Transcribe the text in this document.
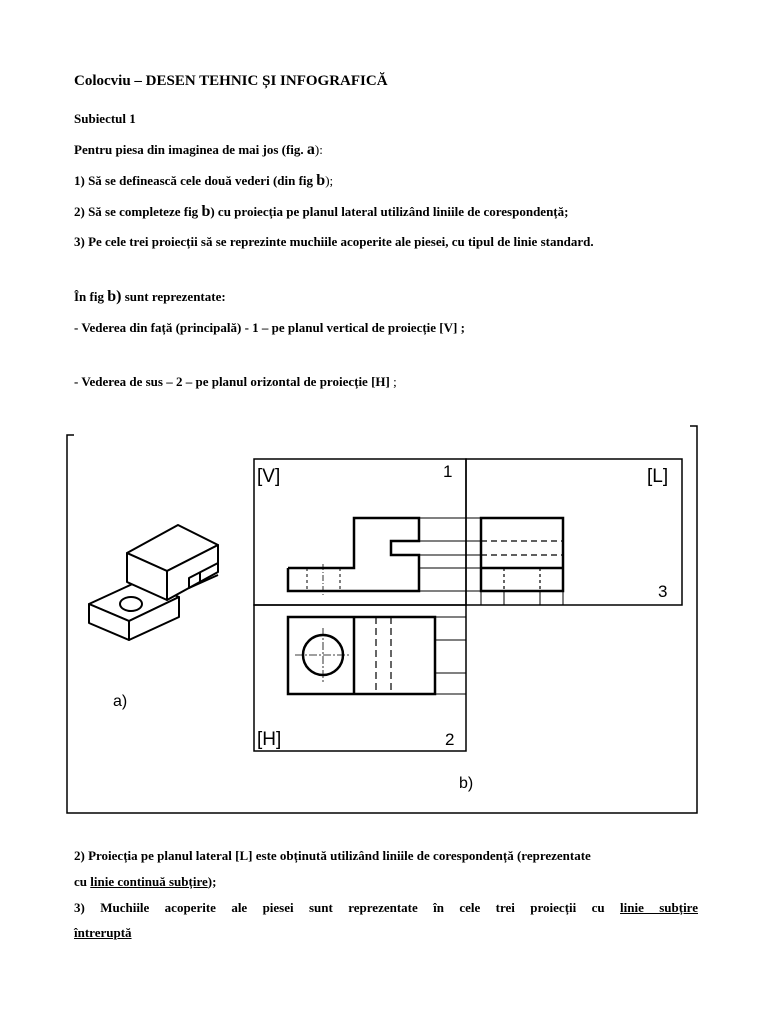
Colocviu – DESEN TEHNIC ȘI INFOGRAFICĂ
Subiectul 1
Pentru piesa din imaginea de mai jos (fig. a):
1) Să se definească cele două vederi (din fig b);
2) Să se completeze fig b) cu proiecția pe planul lateral utilizând liniile de corespondență;
3) Pe cele trei proiecții să se reprezinte muchiile acoperite ale piesei, cu tipul de linie standard.
În fig b) sunt reprezentate:
- Vederea din față (principală) - 1 – pe planul vertical de proiecție [V] ;
- Vederea de sus – 2 – pe planul orizontal de proiecție [H] ;
a)
[V]	[L]
[H]
1
2
3
b)
2) Proiecția pe planul lateral [L] este obținută utilizând liniile de corespondență (reprezentate
cu linie continuă subțire);
3) Muchiile acoperite ale piesei sunt reprezentate în cele trei proiecții cu linie subțire
întreruptă
